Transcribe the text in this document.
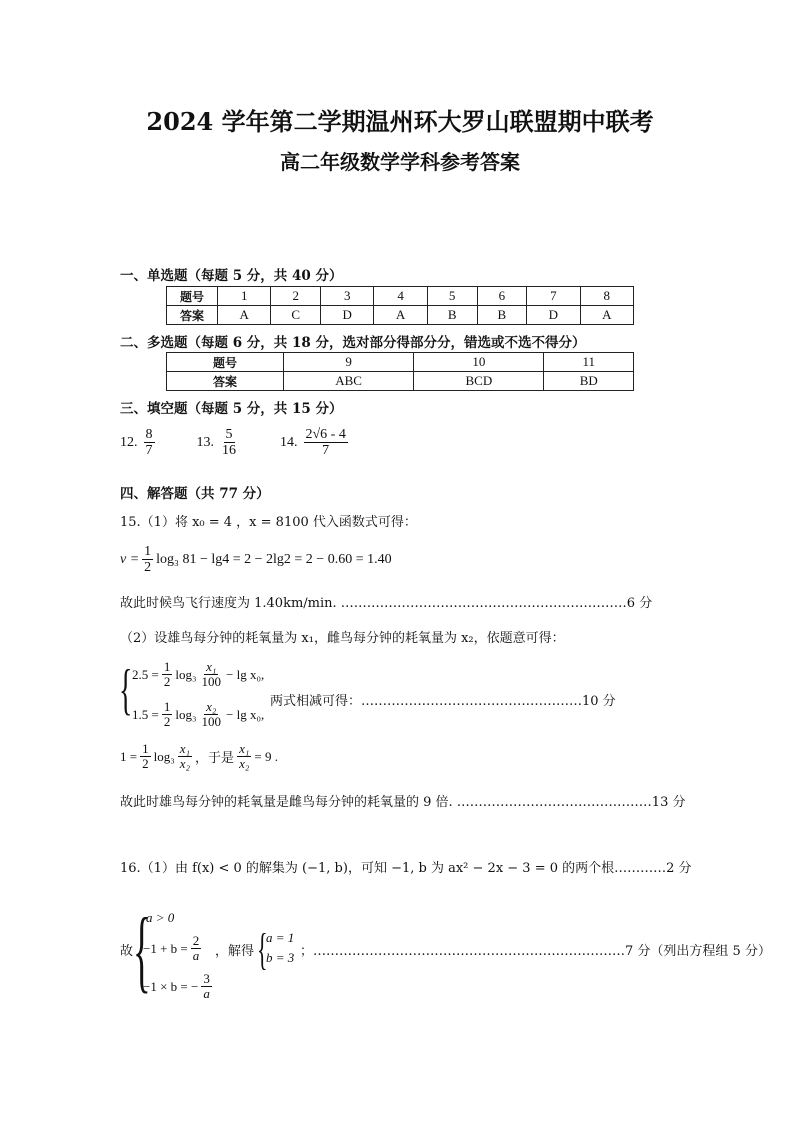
2024 学年第二学期温州环大罗山联盟期中联考
高二年级数学学科参考答案
一、单选题（每题 5 分，共 40 分）
题号	1	2	3	4	5	6	7	8
答案	A	C	D	A	B	B	D	A
二、多选题（每题 6 分，共 18 分，选对部分得部分分，错选或不选不得分）
题号	9	10	11
答案	ABC	BCD	BD
三、填空题（每题 5 分，共 15 分）
12. $\frac{8}{7}$	13. $\frac{5}{16}$	14. $\frac{2√6 - 4}{7}$
四、解答题（共 77 分）
15.（1）将 x₀ = 4 ，x = 8100 代入函数式可得：
$v = \frac{1}{2} \log_3$ 81 − lg4 = 2 − 2lg2 = 2 − 0.60 = 1.40
故此时候鸟飞行速度为 1.40km/min. …………………………………………………………6 分
（2）设雄鸟每分钟的耗氧量为 x₁，雌鸟每分钟的耗氧量为 x₂，依题意可得：
{ $2.5 = \frac{1}{2} \log_3 \frac{\text{x₁}}{100} - \lg x_0$,
$1.5 = \frac{1}{2} \log_3 \frac{\text{x₂}}{100} - \lg x_0$,
两式相减可得：……………………………………………10 分
$1 = \frac{1}{2} \log_3 \frac{\text{x₁}}{\text{x₂}}$ ，于是 $\frac{\text{x₁}}{\text{x₂}} = 9$ .
故此时雄鸟每分钟的耗氧量是雌鸟每分钟的耗氧量的 9 倍. ………………………………………13 分
16.（1）由 f(x) < 0 的解集为 (−1, b)，可知 −1, b 为 ax² − 2x − 3 = 0 的两个根…………2 分
故 {
a > 0
$-1 + b = \frac{2}{a}$
−1 × b = − $\frac{3}{a}$
，解得 {
a = 1
b = 3 ；………………………………………………………………7 分（列出方程组 5 分）
